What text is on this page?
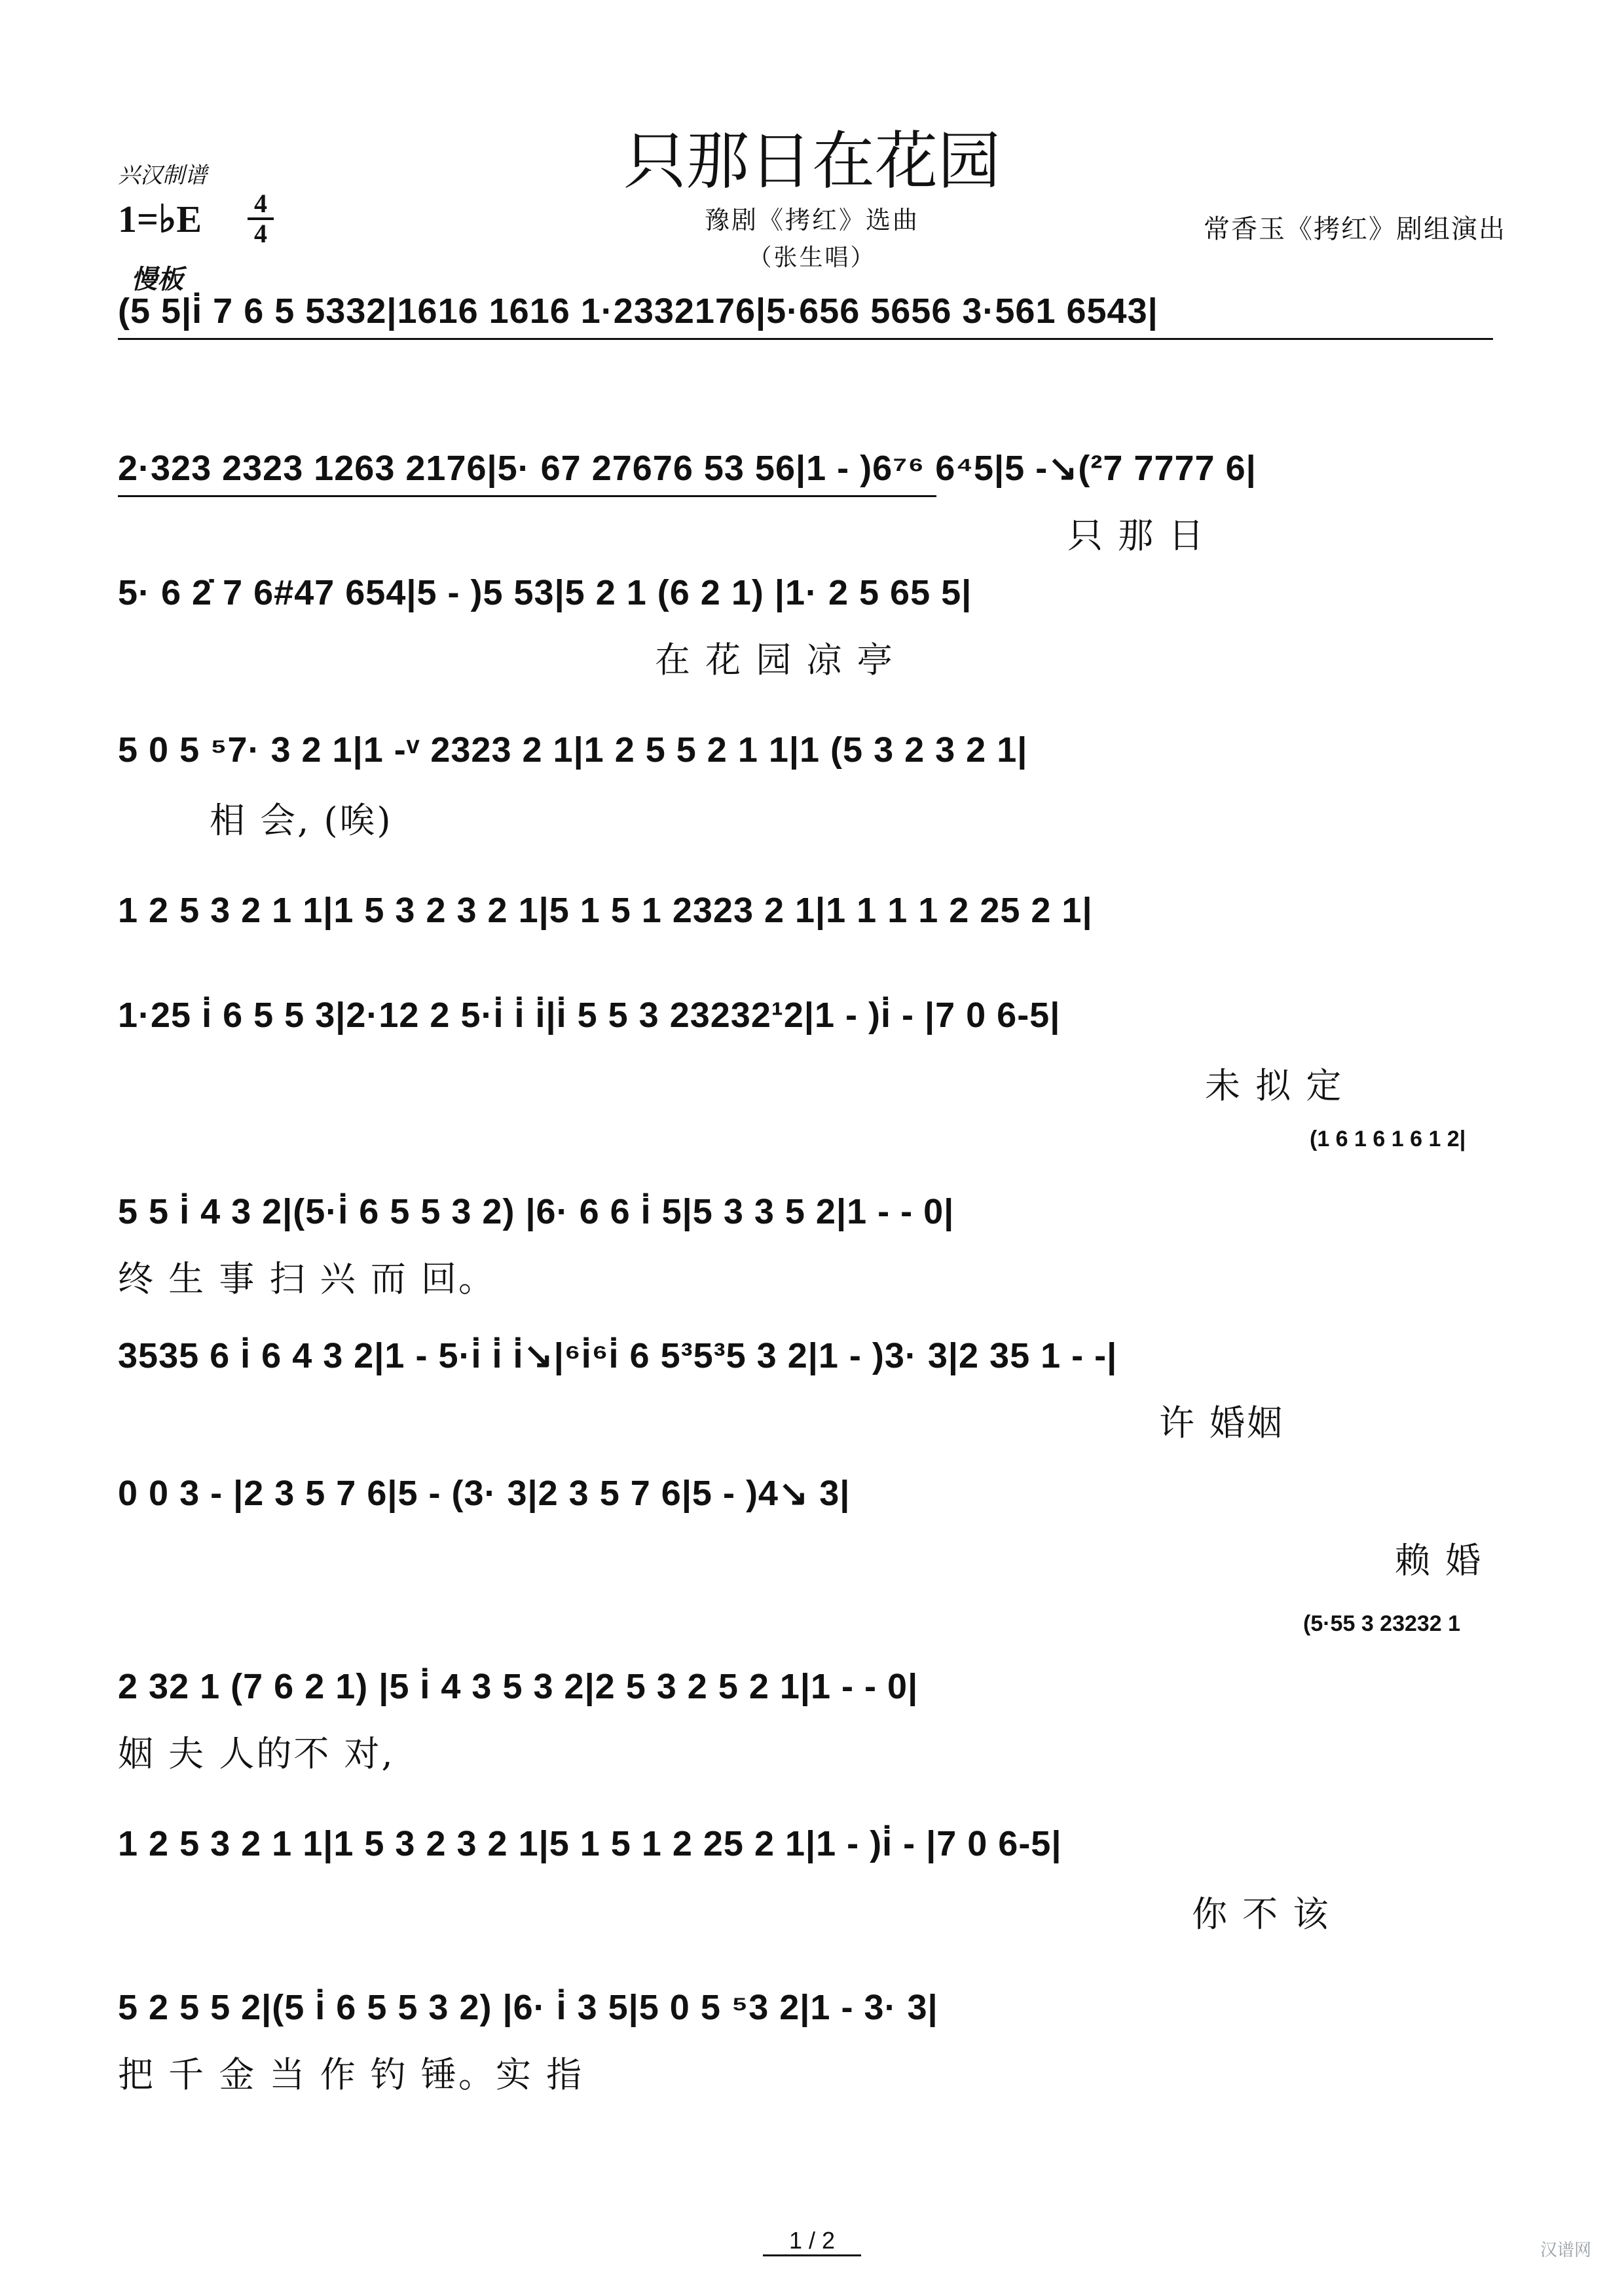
只那日在花园
豫剧《拷红》选曲
（张生唱）
兴汉制谱
1=♭E 4
4
慢板
常香玉《拷红》剧组演出
(5 5|i̇ 7 6 5 5332|1616 1616 1·2332176|5·656 5656 3·561 6543|
2·323 2323 1263 2176|5· 67 27676 53 56|1 - )6⁷⁶ 6⁴5|5 -↘(²7 7777 6|
只 那 日
5· 6 2̇ 7 6#47 654|5 - )5 53|5 2 1 (6 2 1) |1· 2 5 65 5|
在 花 园 凉 亭
5 0 5 ⁵7· 3 2 1|1 -ᵛ 2323 2 1|1 2 5 5 2 1 1|1 (5 3 2 3 2 1|
相 会, (唉)
1 2 5 3 2 1 1|1 5 3 2 3 2 1|5 1 5 1 2323 2 1|1 1 1 1 2 25 2 1|
1·25 i̇ 6 5 5 3|2·12 2 5·i̇ i̇ i̇|i̇ 5 5 3 23232¹2|1 - )i̇ - |7 0 6-5|
未 拟 定
(1 6 1 6 1 6 1 2|
5 5 i̇ 4 3 2|(5·i̇ 6 5 5 3 2) |6· 6 6 i̇ 5|5 3 3 5 2|1 - - 0|
终 生 事 扫 兴 而 回。
3535 6 i̇ 6 4 3 2|1 - 5·i̇ i̇ i̇↘|⁶i̇⁶i̇ 6 5³5³5 3 2|1 - )3· 3|2 35 1 - -|
许 婚姻
0 0 3 - |2 3 5 7 6|5 - (3· 3|2 3 5 7 6|5 - )4↘ 3|
赖 婚
(5·55 3 23232 1
2 32 1 (7 6 2 1) |5 i̇ 4 3 5 3 2|2 5 3 2 5 2 1|1 - - 0|
姻 夫 人的不 对,
1 2 5 3 2 1 1|1 5 3 2 3 2 1|5 1 5 1 2 25 2 1|1 - )i̇ - |7 0 6-5|
你 不 该
5 2 5 5 2|(5 i̇ 6 5 5 3 2) |6· i̇ 3 5|5 0 5 ⁵3 2|1 - 3· 3|
把 千 金 当 作 钓 锤。实 指
1 / 2	汉谱网
